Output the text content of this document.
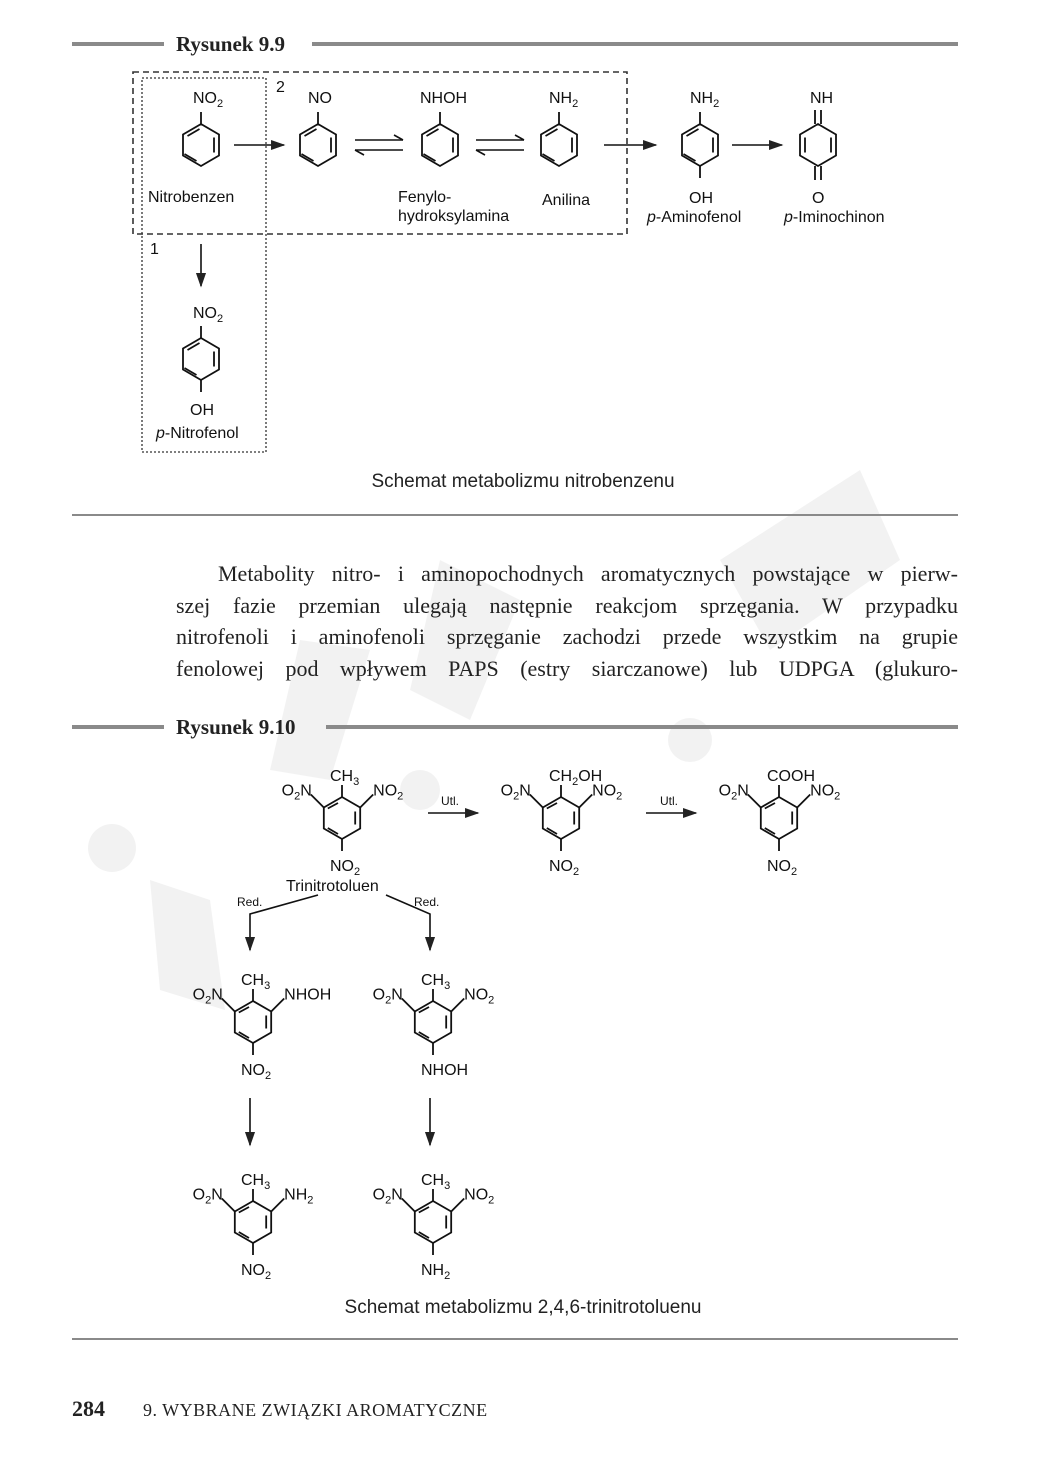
Rysunek 9.9
2
1
$NO_2$	NO	NHOH	$NH_2$	$NH_2$	NH
OH	O
$NO_2$
OH
Nitrobenzen	Fenylo-
hydroksylamina
Anilina
p-Aminofenol	p-Iminochinon
p-Nitrofenol
Schemat metabolizmu nitrobenzenu
Metabolity nitro- i aminopochodnych aromatycznych powstające w pierw-
szej fazie przemian ulegają następnie reakcjom sprzęgania. W przypadku
nitrofenoli i aminofenoli sprzęganie zachodzi przede wszystkim na grupie
fenolowej pod wpływem PAPS (estry siarczanowe) lub UDPGA (glukuro-
Rysunek 9.10
Utl.	Utl.
Red.	Red.
Trinitrotoluen
$CH_3$
$NO_2$
$NO_2$
$O_2N$
$CH_2OH$
$NO_2$
$NO_2$
$O_2N$
COOH
$NO_2$
$NO_2$
$O_2N$
$CH_3$
$NO_2$
NHOH
$O_2N$
$CH_3$
NHOH
$NO_2$
$O_2N$
$CH_3$
$NO_2$
$NH_2$
$O_2N$
$CH_3$
$NH_2$
$NO_2$
$O_2N$
Schemat metabolizmu 2,4,6-trinitrotoluenu
284 9. WYBRANE ZWIĄZKI AROMATYCZNE
